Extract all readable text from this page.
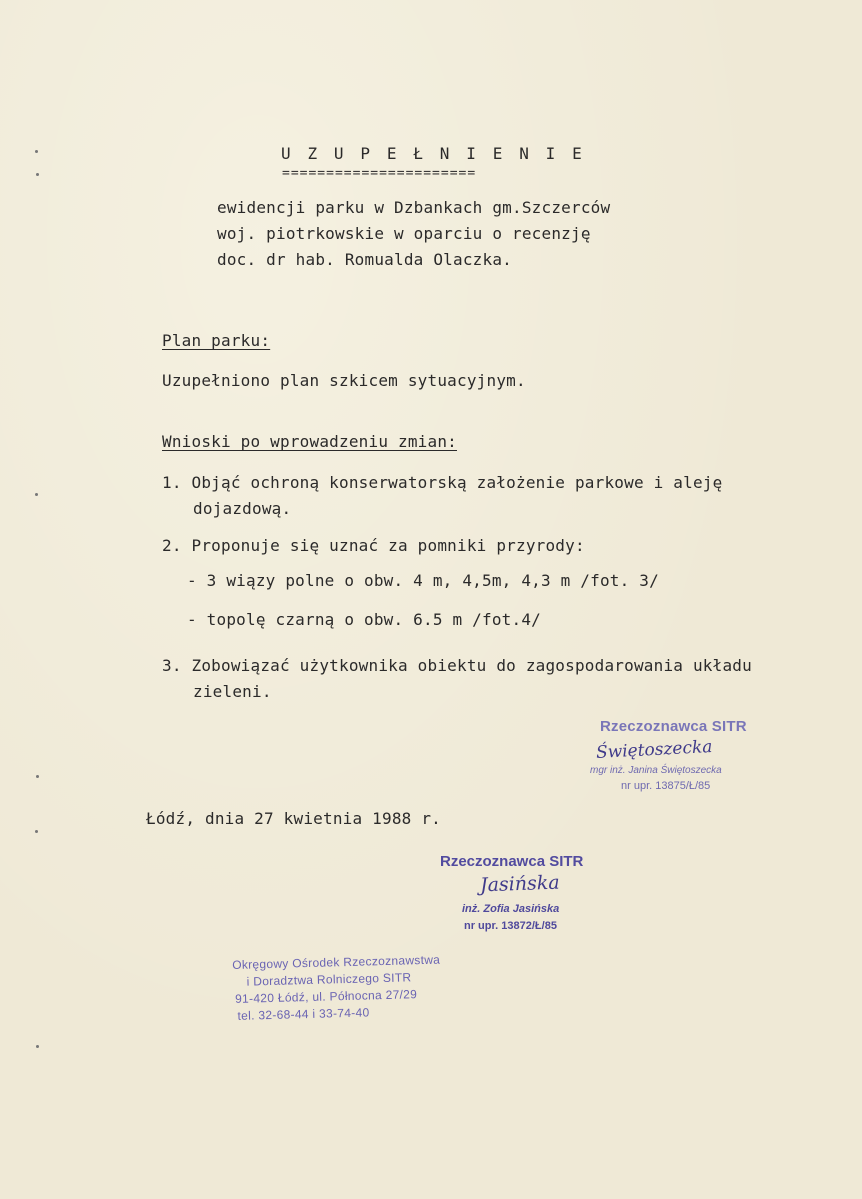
U Z U P E Ł N I E N I E
======================
ewidencji parku w Dzbankach gm.Szczerców
woj. piotrkowskie w oparciu o recenzję
doc. dr hab. Romualda Olaczka.
Plan parku:
Uzupełniono plan szkicem sytuacyjnym.
Wnioski po wprowadzeniu zmian:
1. Objąć ochroną konserwatorską założenie parkowe i aleję
dojazdową.
2. Proponuje się uznać za pomniki przyrody:
- 3 wiązy polne o obw. 4 m, 4,5m, 4,3 m /fot. 3/
- topolę czarną o obw. 6.5 m /fot.4/
3. Zobowiązać użytkownika obiektu do zagospodarowania układu
zieleni.
Rzeczoznawca SITR
Świętoszecka
mgr inż. Janina Świętoszecka
nr upr. 13875/Ł/85
Łódź, dnia 27 kwietnia 1988 r.
Rzeczoznawca SITR
Jasińska
inż. Zofia Jasińska
nr upr. 13872/Ł/85
Okręgowy Ośrodek Rzeczoznawstwa
i Doradztwa Rolniczego SITR
91-420 Łódź, ul. Północna 27/29
tel. 32-68-44 i 33-74-40
